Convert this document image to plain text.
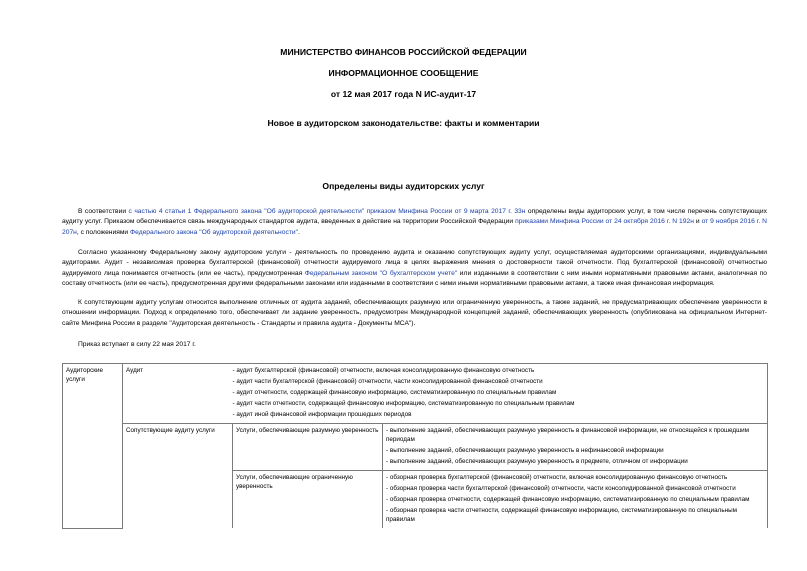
МИНИСТЕРСТВО ФИНАНСОВ РОССИЙСКОЙ ФЕДЕРАЦИИ
ИНФОРМАЦИОННОЕ СООБЩЕНИЕ
от 12 мая 2017 года N ИС-аудит-17
Новое в аудиторском законодательстве: факты и комментарии
Определены виды аудиторских услуг
В соответствии с частью 4 статьи 1 Федерального закона "Об аудиторской деятельности" приказом Минфина России от 9 марта 2017 г. 33н определены виды аудиторских услуг, в том числе перечень сопутствующих аудиту услуг. Приказом обеспечивается связь международных стандартов аудита, введенных в действие на территории Российской Федерации приказами Минфина России от 24 октября 2016 г. N 192н и от 9 ноября 2016 г. N 207н, с положениями Федерального закона "Об аудиторской деятельности".
Согласно указанному Федеральному закону аудиторские услуги - деятельность по проведению аудита и оказанию сопутствующих аудиту услуг, осуществляемая аудиторскими организациями, индивидуальными аудиторами. Аудит - независимая проверка бухгалтерской (финансовой) отчетности аудируемого лица в целях выражения мнения о достоверности такой отчетности. Под бухгалтерской (финансовой) отчетностью аудируемого лица понимается отчетность (или ее часть), предусмотренная Федеральным законом "О бухгалтерском учете" или изданными в соответствии с ним иными нормативными правовыми актами, аналогичная по составу отчетность (или ее часть), предусмотренная другими федеральными законами или изданными в соответствии с ними иными нормативными правовыми актами, а также иная финансовая информация.
К сопутствующим аудиту услугам относится выполнение отличных от аудита заданий, обеспечивающих разумную или ограниченную уверенность, а также заданий, не предусматривающих обеспечение уверенности в отношении информации. Подход к определению того, обеспечивает ли задание уверенность, предусмотрен Международной концепцией заданий, обеспечивающих уверенность (опубликована на официальном Интернет-сайте Минфина России в разделе "Аудиторская деятельность - Стандарты и правила аудита - Документы МСА").
Приказ вступает в силу 22 мая 2017 г.
Аудиторские услуги	Аудит	- аудит бухгалтерской (финансовой) отчетности, включая консолидированную финансовую отчетность
- аудит части бухгалтерской (финансовой) отчетности, части консолидированной финансовой отчетности
- аудит отчетности, содержащей финансовую информацию, систематизированную по специальным правилам
- аудит части отчетности, содержащей финансовую информацию, систематизированную по специальным правилам
- аудит иной финансовой информации прошедших периодов	

	Сопутствующие аудиту услуги	Услуги, обеспечивающие разумную уверенность	- выполнение заданий, обеспечивающих разумную уверенность в финансовой информации, не относящейся к прошедшим периодам
- выполнение заданий, обеспечивающих разумную уверенность в нефинансовой информации
- выполнение заданий, обеспечивающих разумную уверенность в предмете, отличном от информации

		Услуги, обеспечивающие ограниченную уверенность	- обзорная проверка бухгалтерской (финансовой) отчетности, включая консолидированную финансовую отчетность
- обзорная проверка части бухгалтерской (финансовой) отчетности, части консолидированной финансовой отчетности
- обзорная проверка отчетности, содержащей финансовую информацию, систематизированную по специальным правилам
- обзорная проверка части отчетности, содержащей финансовую информацию, систематизированную по специальным правилам
